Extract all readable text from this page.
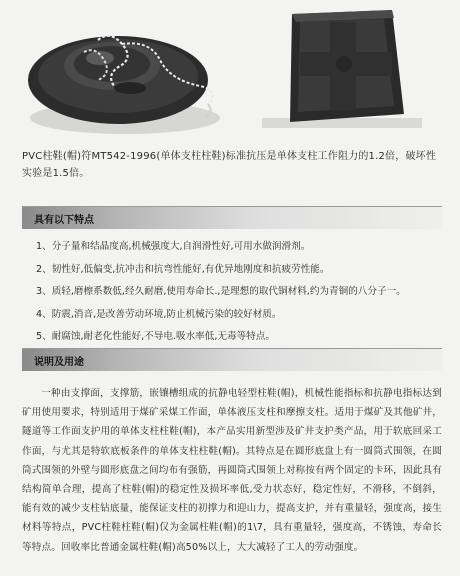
PVC柱鞋(帽)符MT542-1996(单体支柱柱鞋)标准抗压是单体支柱工作阻力的1.2倍，破坏性实验是1.5倍。
具有以下特点
1、分子量和结晶度高,机械强度大,自润滑性好,可用水做润滑剂。
2、韧性好,低偏变,抗冲击和抗弯性能好,有优异地刚度和抗疲劳性能。
3、质轻,磨檫系数低,经久耐磨,使用寿命长.,是理想的取代铜材料,约为青铜的八分子一。
4、防震,消音,是改善劳动环境,防止机械污染的较好材质。
5、耐腐蚀,耐老化性能好,不导电.吸水率低,无毒等特点。
说明及用途
一种由支撑面，支撑筋，嵌镶槽组成的抗静电轻型柱鞋(帽)，机械性能指标和抗静电指标达到矿用使用要求，特别适用于煤矿采煤工作面，单体液压支柱和摩擦支柱。适用于煤矿及其他矿井，隧道等工作面支护用的单体支柱柱鞋(帽)，本产品实用新型涉及矿井支护类产品，用于软底回采工作面，与尤其是特软底板条件的单体支柱柱鞋(帽)。其特点是在圆形底盘上有一圆筒式围领，在圆筒式围领的外壁与圆形底盘之间均布有强筋，再圆筒式围领上对称按有两个固定的卡环，因此具有结构简单合理，提高了柱鞋(帽)的稳定性及损坏率低,受力状态好，稳定性好，不滑移，不倒斜，能有效的减少支柱钻底量，能保证支柱的初撑力和迎山力，提高支护，并有重量轻，强度高，接生材料等特点，PVC柱鞋柱鞋(帽)仅为金属柱鞋(帽)的1\7，具有重量轻，强度高，不锈蚀，寿命长等特点。回收率比普通金属柱鞋(帽)高50%以上，大大减轻了工人的劳动强度。
